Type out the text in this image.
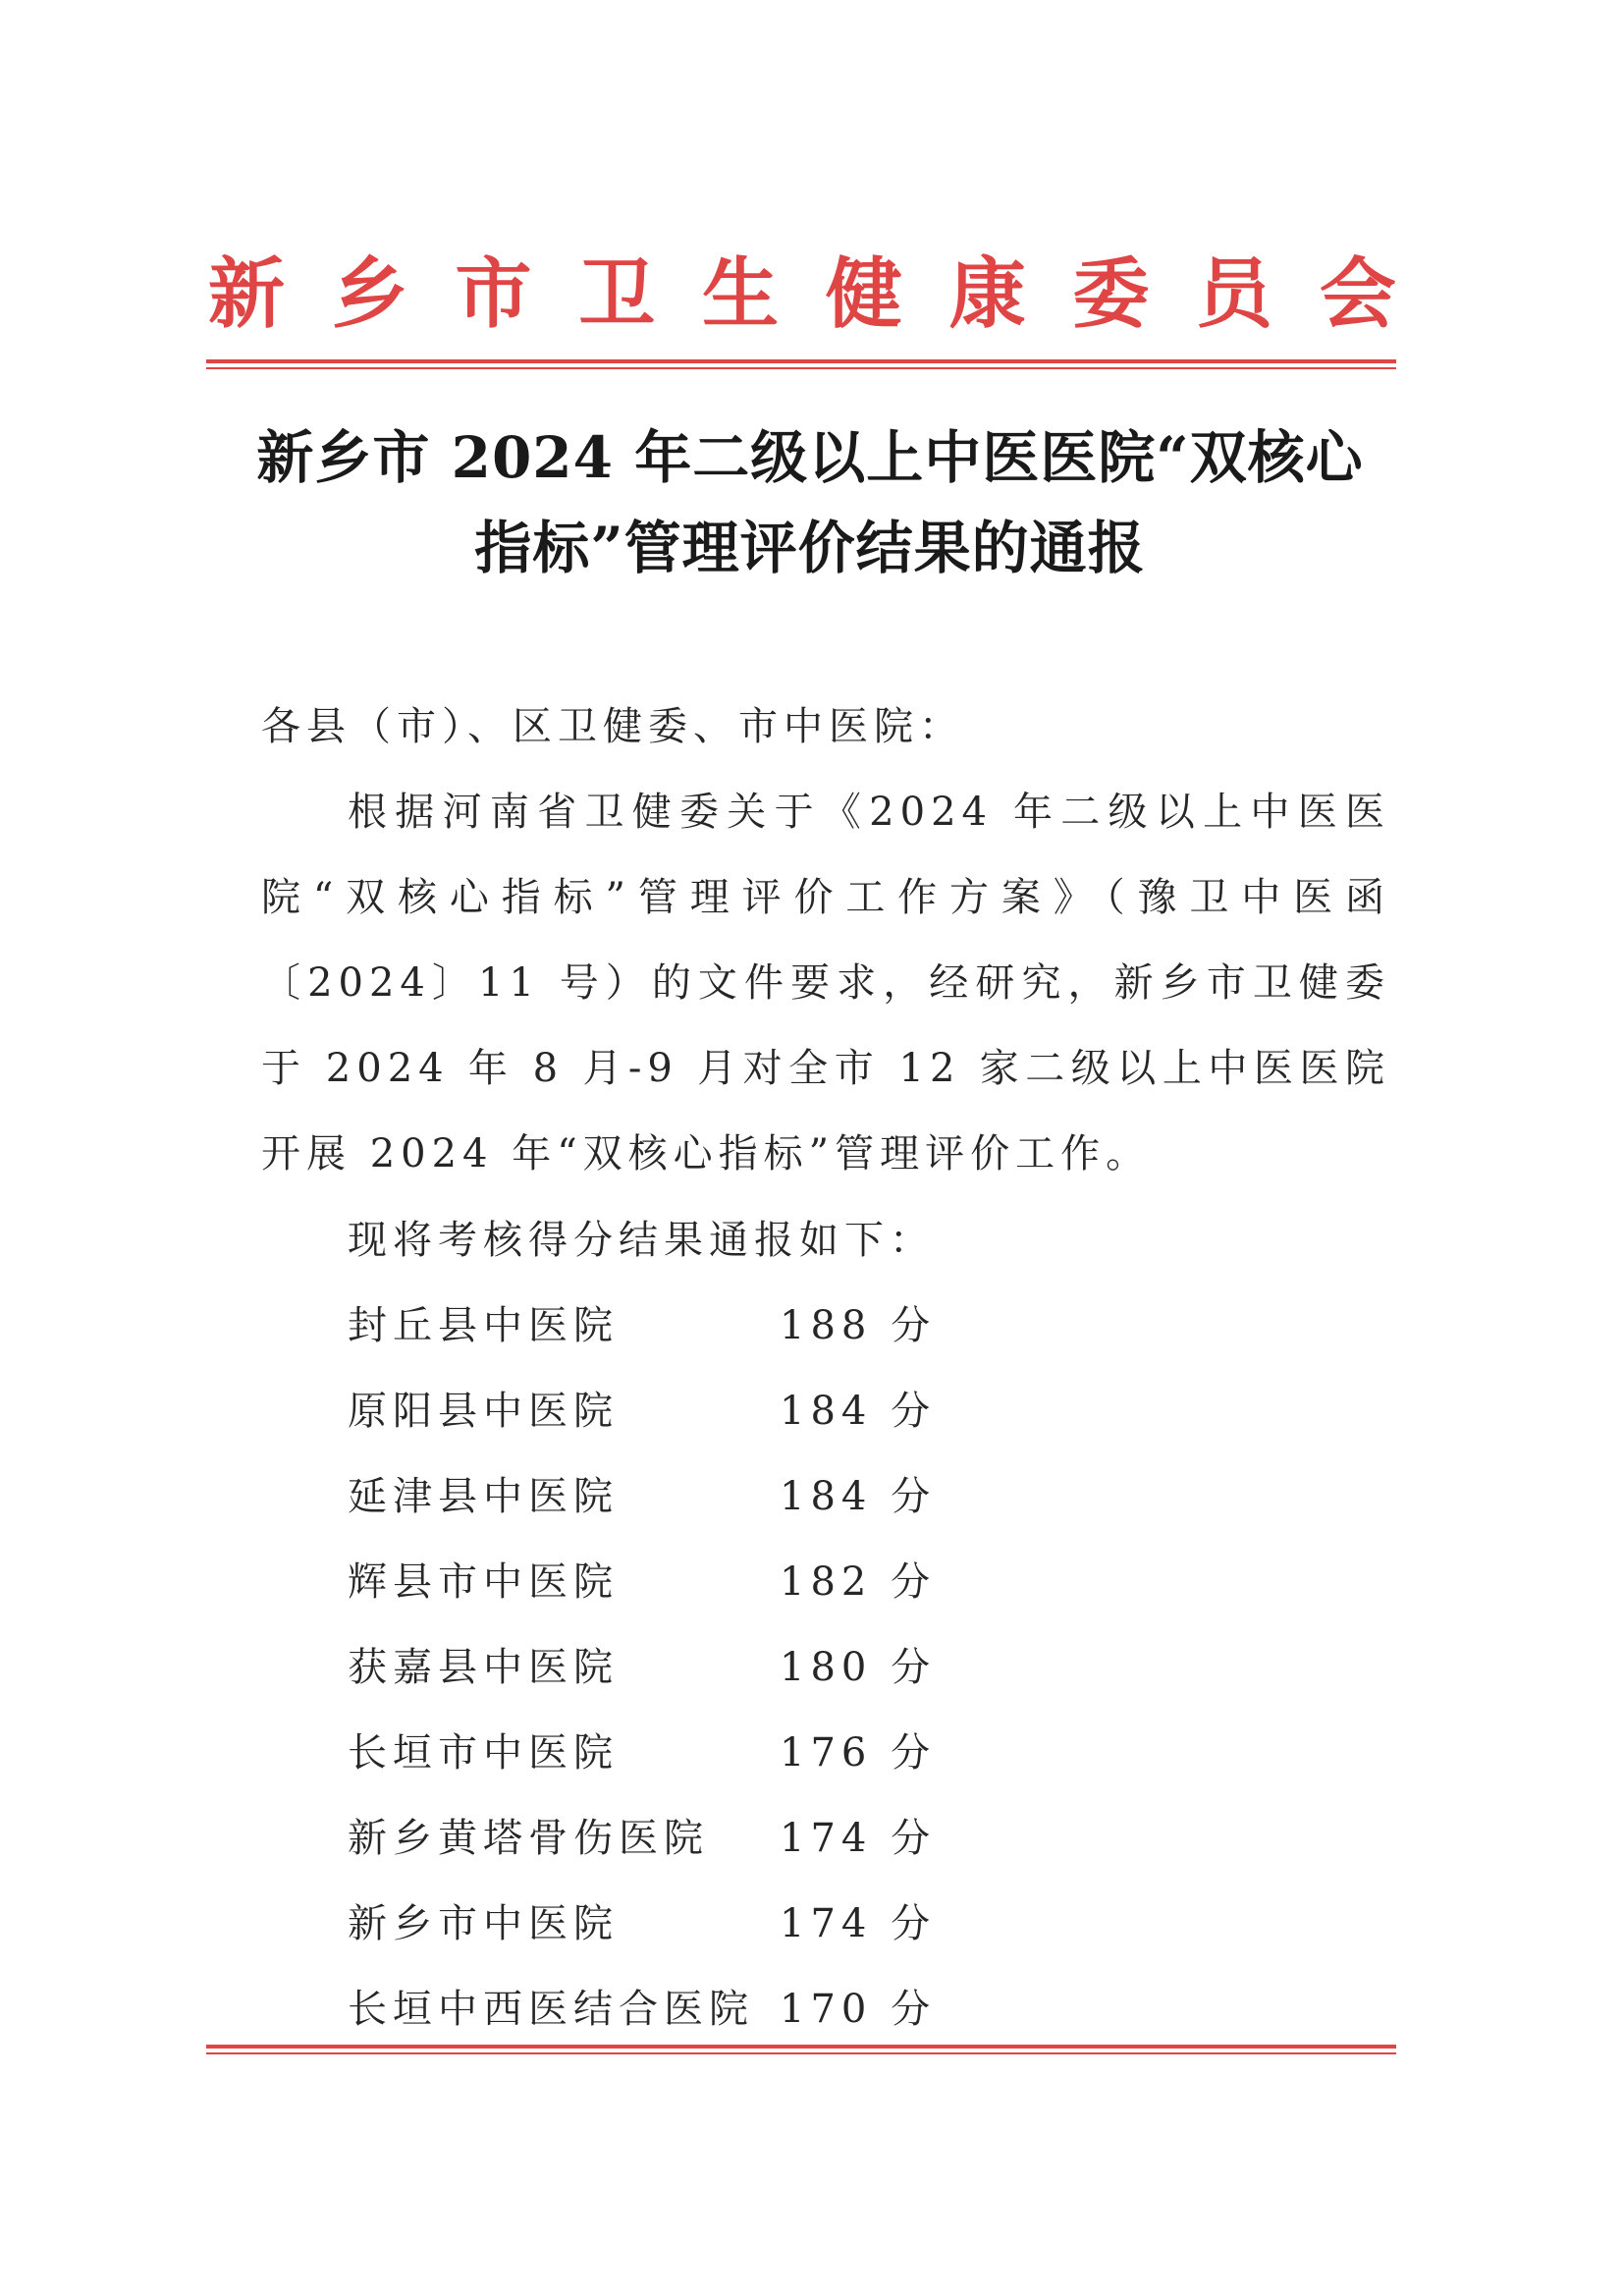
新 乡 市 卫 生 健 康 委 员 会
新乡市 2024 年二级以上中医医院“双核心
指标”管理评价结果的通报
各县（市）、区卫健委、市中医院：
根据河南省卫健委关于《2024 年二级以上中医医院“双核心指标”管理评价工作方案》（豫卫中医函〔2024〕11 号）的文件要求，经研究，新乡市卫健委于 2024 年 8 月-9 月对全市 12 家二级以上中医医院开展 2024 年“双核心指标”管理评价工作。
现将考核得分结果通报如下：
封丘县中医院	188 分
原阳县中医院	184 分
延津县中医院	184 分
辉县市中医院	182 分
获嘉县中医院	180 分
长垣市中医院	176 分
新乡黄塔骨伤医院	174 分
新乡市中医院	174 分
长垣中西医结合医院 170 分
